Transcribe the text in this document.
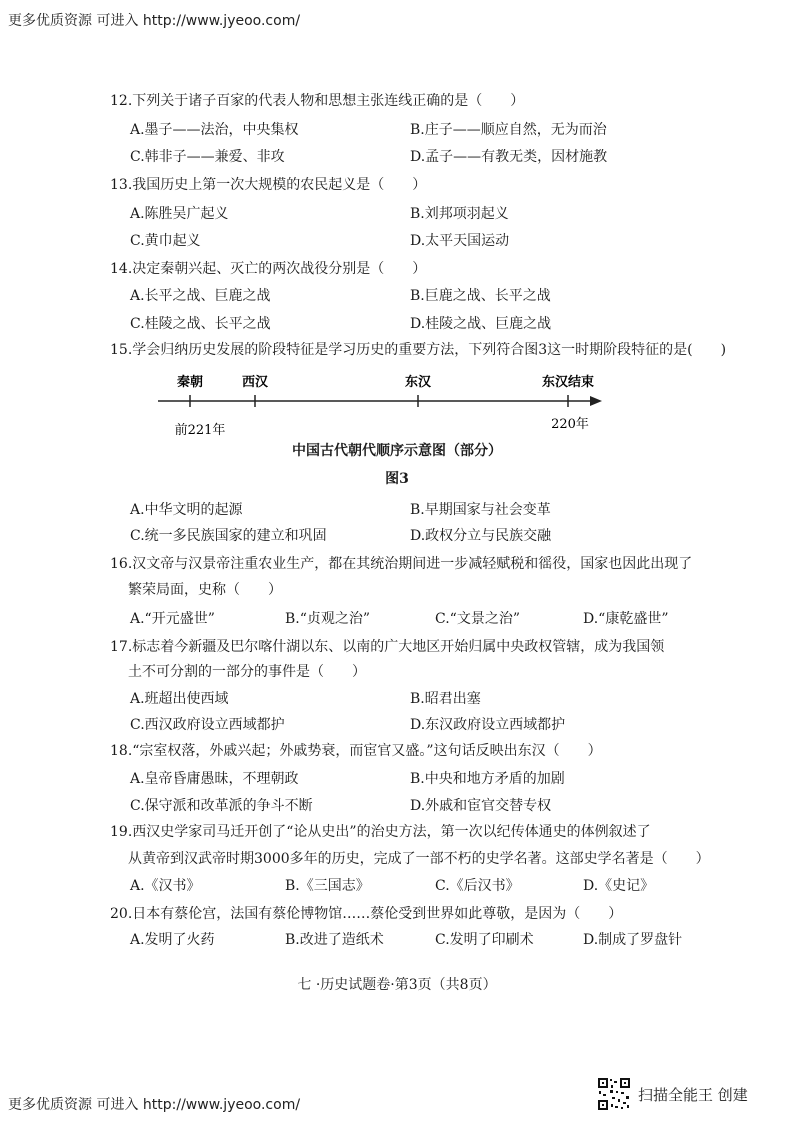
更多优质资源 可进入 http://www.jyeoo.com/
12.下列关于诸子百家的代表人物和思想主张连线正确的是（　　）
A.墨子——法治，中央集权	B.庄子——顺应自然，无为而治
C.韩非子——兼爱、非攻	D.孟子——有教无类，因材施教
13.我国历史上第一次大规模的农民起义是（　　）
A.陈胜吴广起义	B.刘邦项羽起义
C.黄巾起义	D.太平天国运动
14.决定秦朝兴起、灭亡的两次战役分别是（　　）
A.长平之战、巨鹿之战	B.巨鹿之战、长平之战
C.桂陵之战、长平之战	D.桂陵之战、巨鹿之战
15.学会归纳历史发展的阶段特征是学习历史的重要方法，下列符合图3这一时期阶段特征的是(　　)
秦朝	西汉	东汉	东汉结束
前221年	220年
中国古代朝代顺序示意图（部分）
图3
A.中华文明的起源	B.早期国家与社会变革
C.统一多民族国家的建立和巩固	D.政权分立与民族交融
16.汉文帝与汉景帝注重农业生产，都在其统治期间进一步减轻赋税和徭役，国家也因此出现了
繁荣局面，史称（　　）
A.“开元盛世”	B.“贞观之治”	C.“文景之治”	D.“康乾盛世”
17.标志着今新疆及巴尔喀什湖以东、以南的广大地区开始归属中央政权管辖，成为我国领
土不可分割的一部分的事件是（　　）
A.班超出使西域	B.昭君出塞
C.西汉政府设立西域都护	D.东汉政府设立西域都护
18.“宗室权落，外戚兴起；外戚势衰，而宦官又盛。”这句话反映出东汉（　　）
A.皇帝昏庸愚昧，不理朝政	B.中央和地方矛盾的加剧
C.保守派和改革派的争斗不断	D.外戚和宦官交替专权
19.西汉史学家司马迁开创了“论从史出”的治史方法，第一次以纪传体通史的体例叙述了
从黄帝到汉武帝时期3000多年的历史，完成了一部不朽的史学名著。这部史学名著是（　　）
A.《汉书》	B.《三国志》	C.《后汉书》	D.《史记》
20.日本有蔡伦宫，法国有蔡伦博物馆……蔡伦受到世界如此尊敬，是因为（　　）
A.发明了火药	B.改进了造纸术	C.发明了印刷术	D.制成了罗盘针
七 ·历史试题卷·第3页（共8页）
更多优质资源 可进入 http://www.jyeoo.com/
扫描全能王 创建
